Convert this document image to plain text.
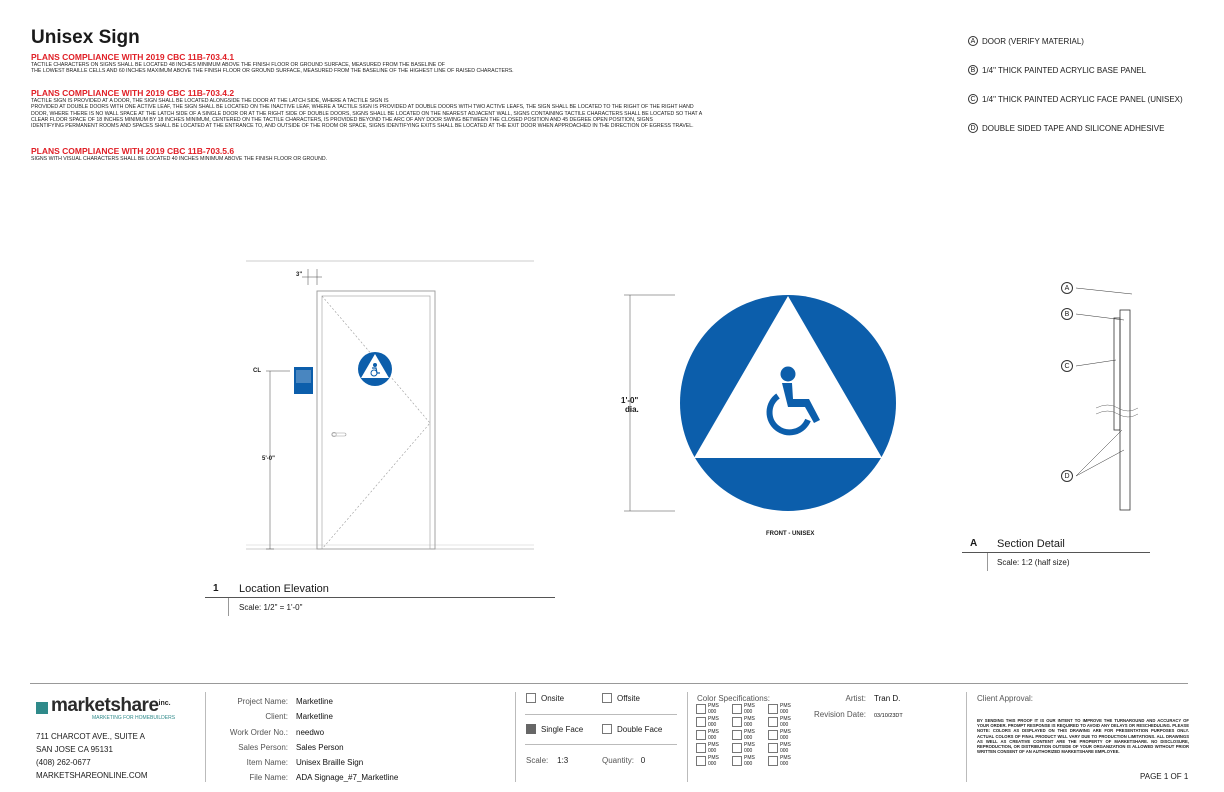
Unisex Sign
PLANS COMPLIANCE WITH 2019 CBC 11B-703.4.1
TACTILE CHARACTERS ON SIGNS SHALL BE LOCATED 48 INCHES MINIMUM ABOVE THE FINISH FLOOR OR GROUND SURFACE, MEASURED FROM THE BASELINE OF
THE LOWEST BRAILLE CELLS AND 60 INCHES MAXIMUM ABOVE THE FINISH FLOOR OR GROUND SURFACE, MEASURED FROM THE BASELINE OF THE HIGHEST LINE OF RAISED CHARACTERS.
PLANS COMPLIANCE WITH 2019 CBC 11B-703.4.2
TACTILE SIGN IS PROVIDED AT A DOOR, THE SIGN SHALL BE LOCATED ALONGSIDE THE DOOR AT THE LATCH SIDE, WHERE A TACTILE SIGN IS
PROVIDED AT DOUBLE DOORS WITH ONE ACTIVE LEAF, THE SIGN SHALL BE LOCATED ON THE INACTIVE LEAF, WHERE A TACTILE SIGN IS PROVIDED AT DOUBLE DOORS WITH TWO ACTIVE LEAFS, THE SIGN SHALL BE LOCATED TO THE RIGHT OF THE RIGHT HAND
DOOR, WHERE THERE IS NO WALL SPACE AT THE LATCH SIDE OF A SINGLE DOOR OR AT THE RIGHT SIDE OF DOUBLE DOORS, SIGNS SHALL BE LOCATED ON THE NEAREST ADJACENT WALL, SIGNS CONTAINING TACTILE CHARACTERS SHALL BE LOCATED SO THAT A
CLEAR FLOOR SPACE OF 18 INCHES MINIMUM BY 18 INCHES MINIMUM, CENTERED ON THE TACTILE CHARACTERS, IS PROVIDED BEYOND THE ARC OF ANY DOOR SWING BETWEEN THE CLOSED POSITION AND 45 DEGREE OPEN POSITION, SIGNS
IDENTIFYING PERMANENT ROOMS AND SPACES SHALL BE LOCATED AT THE ENTRANCE TO, AND OUTSIDE OF THE ROOM OR SPACE, SIGNS IDENTIFYING EXITS SHALL BE LOCATED AT THE EXIT DOOR WHEN APPROACHED IN THE DIRECTION OF EGRESS TRAVEL.
PLANS COMPLIANCE WITH 2019 CBC 11B-703.5.6
SIGNS WITH VISUAL CHARACTERS SHALL BE LOCATED 40 INCHES MINIMUM ABOVE THE FINISH FLOOR OR GROUND.
A DOOR (VERIFY MATERIAL)
B 1/4" THICK PAINTED ACRYLIC BASE PANEL
C 1/4" THICK PAINTED ACRYLIC FACE PANEL (UNISEX)
D DOUBLE SIDED TAPE AND SILICONE ADHESIVE
3"
CL
5'-0"
1	Location Elevation
Scale: 1/2" = 1'-0"
1'-0"
dia.
FRONT - UNISEX
A
B
C
D
A	Section Detail
Scale: 1:2 (half size)
marketshare inc.
MARKETING FOR HOMEBUILDERS
711 CHARCOT AVE., SUITE A
SAN JOSE CA 95131
(408) 262-0677
MARKETSHAREONLINE.COM
Project Name: Marketline
Client: Marketline
Work Order No.: needwo
Sales Person: Sales Person
Item Name: Unisex Braille Sign
File Name: ADA Signage_#7_Marketline
Onsite	Offsite
Single Face	Double Face
Scale: 1:3	Quantity: 0
Color Specifications:
PMS
000
PMS
000
PMS
000
PMS
000
PMS
000
PMS
000
PMS
000
PMS
000
PMS
000
PMS
000
PMS
000
PMS
000
PMS
000
PMS
000
PMS
000
Artist: Tran D.
Revision Date: 03/10/23DT
Client Approval:
BY SENDING THIS PROOF IT IS OUR INTENT TO IMPROVE THE TURNAROUND AND ACCURACY OF YOUR ORDER. PROMPT RESPONSE IS REQUIRED TO AVOID ANY DELAYS OR RESCHEDULING. PLEASE NOTE: COLORS AS DISPLAYED ON THIS DRAWING ARE FOR PRESENTATION PURPOSES ONLY. ACTUAL COLORS OF FINAL PRODUCT WILL VARY DUE TO PRODUCTION LIMITATIONS. ALL DRAWINGS AS WELL AS CREATIVE CONTENT ARE THE PROPERTY OF MARKETSHARE. NO DISCLOSURE, REPRODUCTION, OR DISTRIBUTION OUTSIDE OF YOUR ORGANIZATION IS ALLOWED WITHOUT PRIOR WRITTEN CONSENT OF AN AUTHORIZED MARKETSHARE EMPLOYEE.
PAGE 1 OF 1
